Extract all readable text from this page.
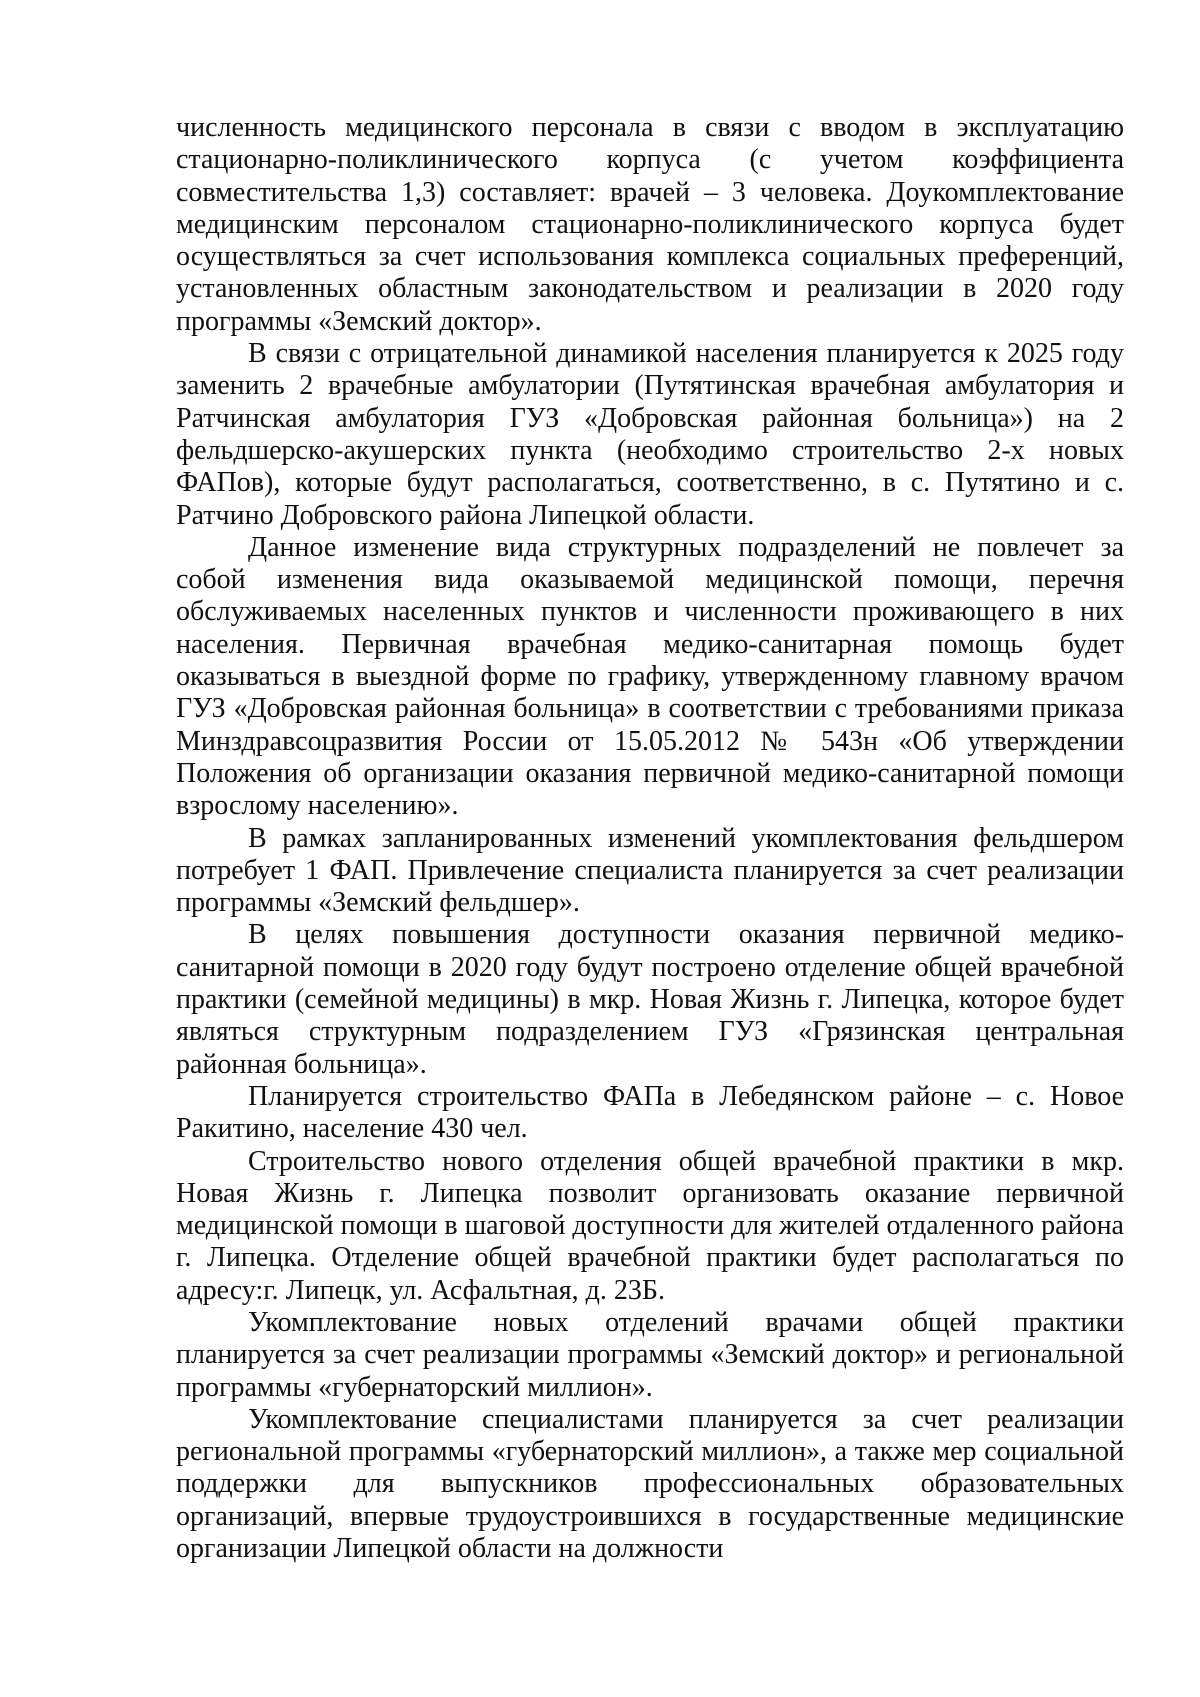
численность медицинского персонала в связи с вводом в эксплуатацию стационарно-поликлинического корпуса (с учетом коэффициента совместительства 1,3) составляет: врачей – 3 человека. Доукомплектование медицинским персоналом стационарно-поликлинического корпуса будет осуществляться за счет использования комплекса социальных преференций, установленных областным законодательством и реализации в 2020 году программы «Земский доктор».

В связи с отрицательной динамикой населения планируется к 2025 году заменить 2 врачебные амбулатории (Путятинская врачебная амбулатория и Ратчинская амбулатория ГУЗ «Добровская районная больница») на 2 фельдшерско-акушерских пункта (необходимо строительство 2-х новых ФАПов), которые будут располагаться, соответственно, в с. Путятино и с. Ратчино Добровского района Липецкой области.

Данное изменение вида структурных подразделений не повлечет за собой изменения вида оказываемой медицинской помощи, перечня обслуживаемых населенных пунктов и численности проживающего в них населения. Первичная врачебная медико-санитарная помощь будет оказываться в выездной форме по графику, утвержденному главному врачом ГУЗ «Добровская районная больница» в соответствии с требованиями приказа Минздравсоцразвития России от 15.05.2012 № 543н «Об утверждении Положения об организации оказания первичной медико-санитарной помощи взрослому населению».

В рамках запланированных изменений укомплектования фельдшером потребует 1 ФАП. Привлечение специалиста планируется за счет реализации программы «Земский фельдшер».

В целях повышения доступности оказания первичной медико-санитарной помощи в 2020 году будут построено отделение общей врачебной практики (семейной медицины) в мкр. Новая Жизнь г. Липецка, которое будет являться структурным подразделением ГУЗ «Грязинская центральная районная больница».

Планируется строительство ФАПа в Лебедянском районе – с. Новое Ракитино, население 430 чел.

Строительство нового отделения общей врачебной практики в мкр. Новая Жизнь г. Липецка позволит организовать оказание первичной медицинской помощи в шаговой доступности для жителей отдаленного района г. Липецка. Отделение общей врачебной практики будет располагаться по адресу:г. Липецк, ул. Асфальтная, д. 23Б.

Укомплектование новых отделений врачами общей практики планируется за счет реализации программы «Земский доктор» и региональной программы «губернаторский миллион».

Укомплектование специалистами планируется за счет реализации региональной программы «губернаторский миллион», а также мер социальной поддержки для выпускников профессиональных образовательных организаций, впервые трудоустроившихся в государственные медицинские организации Липецкой области на должности
